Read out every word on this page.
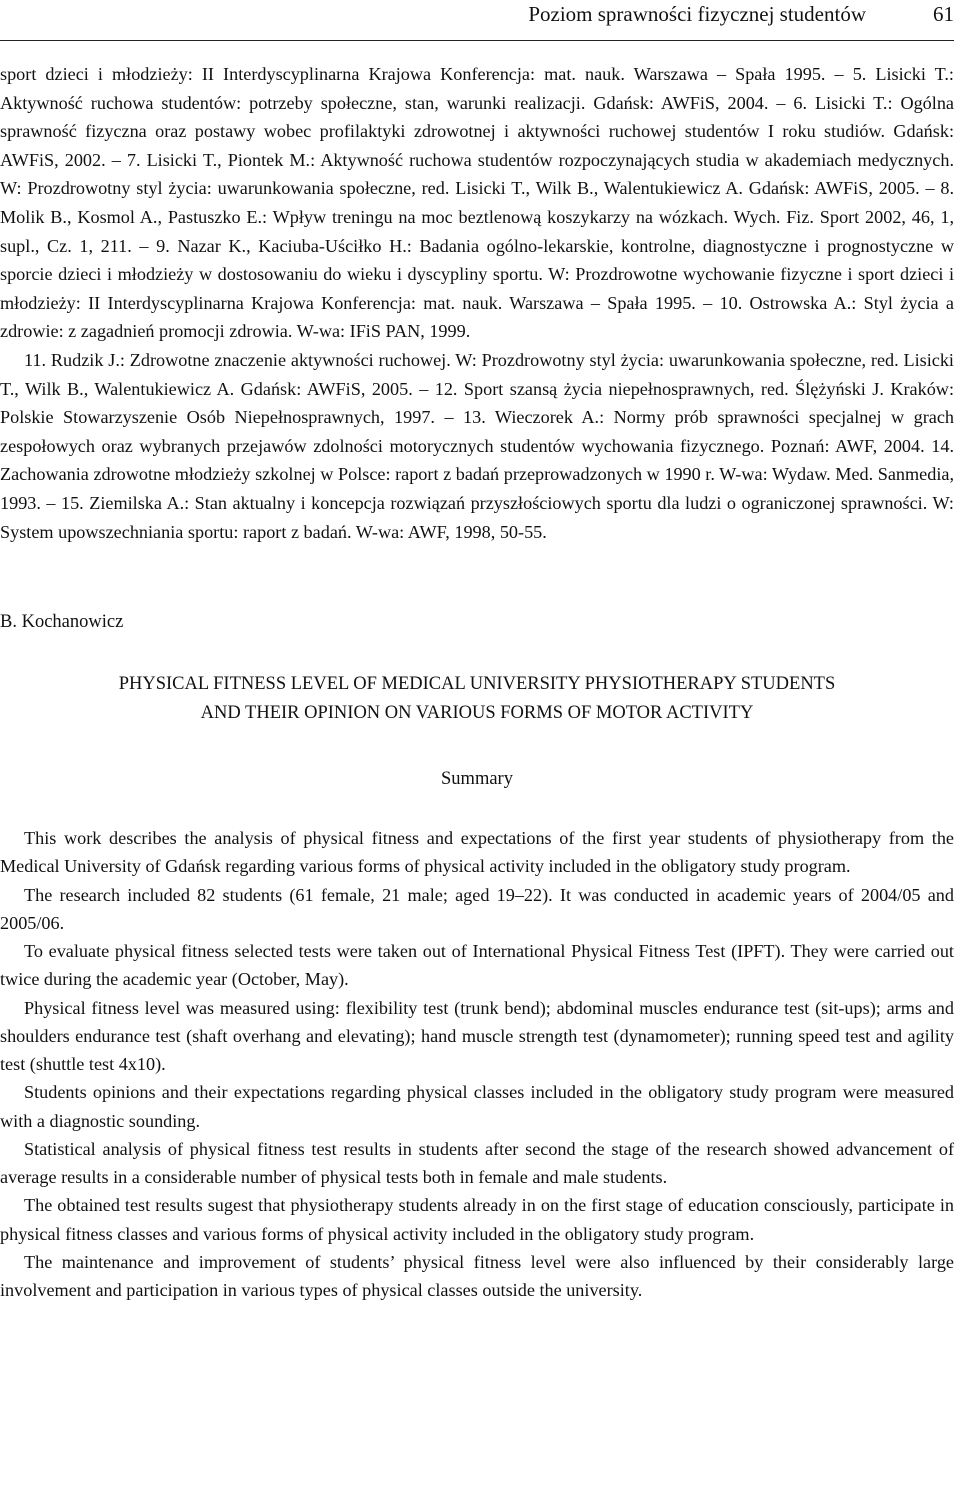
Poziom sprawności fizycznej studentów	61

sport dzieci i młodzieży: II Interdyscyplinarna Krajowa Konferencja: mat. nauk. Warszawa – Spała 1995. – 5. Lisicki T.: Aktywność ruchowa studentów: potrzeby społeczne, stan, warunki realizacji. Gdańsk: AWFiS, 2004. – 6. Lisicki T.: Ogólna sprawność fizyczna oraz postawy wobec profilaktyki zdrowotnej i aktywności ruchowej studentów I roku studiów. Gdańsk: AWFiS, 2002. – 7. Lisicki T., Piontek M.: Aktywność ruchowa studentów rozpoczynających studia w akademiach medycznych. W: Prozdrowotny styl życia: uwarunkowania społeczne, red. Lisicki T., Wilk B., Walentukiewicz A. Gdańsk: AWFiS, 2005. – 8. Molik B., Kosmol A., Pastuszko E.: Wpływ treningu na moc beztlenową koszykarzy na wózkach. Wych. Fiz. Sport 2002, 46, 1, supl., Cz. 1, 211. – 9. Nazar K., Kaciuba-Uściłko H.: Badania ogólno-lekarskie, kontrolne, diagnostyczne i prognostyczne w sporcie dzieci i młodzieży w dostosowaniu do wieku i dyscypliny sportu. W: Prozdrowotne wychowanie fizyczne i sport dzieci i młodzieży: II Interdyscyplinarna Krajowa Konferencja: mat. nauk. Warszawa – Spała 1995. – 10. Ostrowska A.: Styl życia a zdrowie: z zagadnień promocji zdrowia. W-wa: IFiS PAN, 1999.

11. Rudzik J.: Zdrowotne znaczenie aktywności ruchowej. W: Prozdrowotny styl życia: uwarunkowania społeczne, red. Lisicki T., Wilk B., Walentukiewicz A. Gdańsk: AWFiS, 2005. – 12. Sport szansą życia niepełnosprawnych, red. Ślężyński J. Kraków: Polskie Stowarzyszenie Osób Niepełnosprawnych, 1997. – 13. Wieczorek A.: Normy prób sprawności specjalnej w grach zespołowych oraz wybranych przejawów zdolności motorycznych studentów wychowania fizycznego. Poznań: AWF, 2004. 14. Zachowania zdrowotne młodzieży szkolnej w Polsce: raport z badań przeprowadzonych w 1990 r. W-wa: Wydaw. Med. Sanmedia, 1993. – 15. Ziemilska A.: Stan aktualny i koncepcja rozwiązań przyszłościowych sportu dla ludzi o ograniczonej sprawności. W: System upowszechniania sportu: raport z badań. W-wa: AWF, 1998, 50-55.

B. Kochanowicz
PHYSICAL FITNESS LEVEL OF MEDICAL UNIVERSITY PHYSIOTHERAPY STUDENTS
AND THEIR OPINION ON VARIOUS FORMS OF MOTOR ACTIVITY
Summary

This work describes the analysis of physical fitness and expectations of the first year students of physiotherapy from the Medical University of Gdańsk regarding various forms of physical activity included in the obligatory study program.

The research included 82 students (61 female, 21 male; aged 19–22). It was conducted in academic years of 2004/05 and 2005/06.

To evaluate physical fitness selected tests were taken out of International Physical Fitness Test (IPFT). They were carried out twice during the academic year (October, May).

Physical fitness level was measured using: flexibility test (trunk bend); abdominal muscles endurance test (sit-ups); arms and shoulders endurance test (shaft overhang and elevating); hand muscle strength test (dynamometer); running speed test and agility test (shuttle test 4x10).

Students opinions and their expectations regarding physical classes included in the obligatory study program were measured with a diagnostic sounding.

Statistical analysis of physical fitness test results in students after second the stage of the research showed advancement of average results in a considerable number of physical tests both in female and male students.

The obtained test results sugest that physiotherapy students already in on the first stage of education consciously, participate in physical fitness classes and various forms of physical activity included in the obligatory study program.

The maintenance and improvement of students’ physical fitness level were also influenced by their considerably large involvement and participation in various types of physical classes outside the university.
